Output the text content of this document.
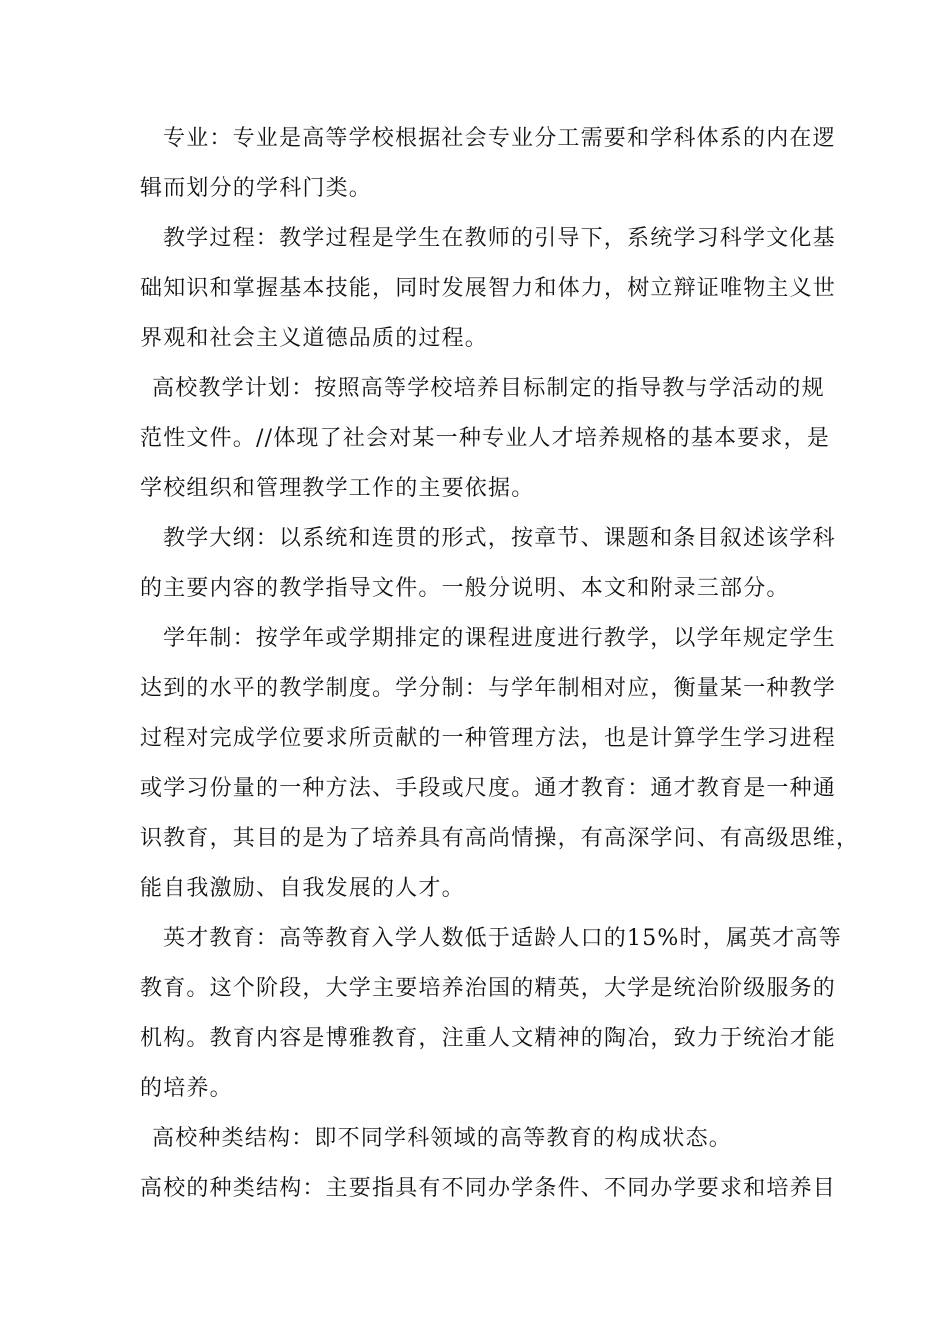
专业：专业是高等学校根据社会专业分工需要和学科体系的内在逻
辑而划分的学科门类。
教学过程：教学过程是学生在教师的引导下，系统学习科学文化基
础知识和掌握基本技能，同时发展智力和体力，树立辩证唯物主义世
界观和社会主义道德品质的过程。
高校教学计划：按照高等学校培养目标制定的指导教与学活动的规
范性文件。//体现了社会对某一种专业人才培养规格的基本要求，是
学校组织和管理教学工作的主要依据。
教学大纲：以系统和连贯的形式，按章节、课题和条目叙述该学科
的主要内容的教学指导文件。一般分说明、本文和附录三部分。
学年制：按学年或学期排定的课程进度进行教学，以学年规定学生
达到的水平的教学制度。学分制：与学年制相对应，衡量某一种教学
过程对完成学位要求所贡献的一种管理方法，也是计算学生学习进程
或学习份量的一种方法、手段或尺度。通才教育：通才教育是一种通
识教育，其目的是为了培养具有高尚情操，有高深学问、有高级思维，
能自我激励、自我发展的人才。
英才教育：高等教育入学人数低于适龄人口的15%时，属英才高等
教育。这个阶段，大学主要培养治国的精英，大学是统治阶级服务的
机构。教育内容是博雅教育，注重人文精神的陶冶，致力于统治才能
的培养。
高校种类结构：即不同学科领域的高等教育的构成状态。
高校的种类结构：主要指具有不同办学条件、不同办学要求和培养目
